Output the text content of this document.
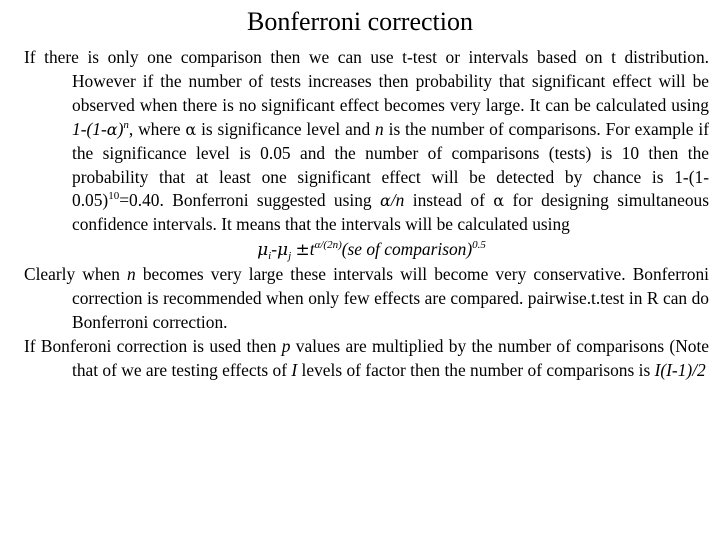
Bonferroni correction

If there is only one comparison then we can use t-test or intervals based on t distribution. However if the number of tests increases then probability that significant effect will be observed when there is no significant effect becomes very large. It can be calculated using $1-(1-\alpha)^n$, where α is significance level and n is the number of comparisons. For example if the significance level is 0.05 and the number of comparisons (tests) is 10 then the probability that at least one significant effect will be detected by chance is $1-(1-0.05)^{10}=0.40$. Bonferroni suggested using α/n instead of α for designing simultaneous confidence intervals. It means that the intervals will be calculated using

$\mu_i-\mu_j \pm t^{\alpha/(2n)}(se$ of comparison)$^{0.5}$

Clearly when n becomes very large these intervals will become very conservative. Bonferroni correction is recommended when only few effects are compared. pairwise.t.test in R can do Bonferroni correction.

If Bonferoni correction is used then p values are multiplied by the number of comparisons (Note that of we are testing effects of I levels of factor then the number of comparisons is I(I-1)/2
